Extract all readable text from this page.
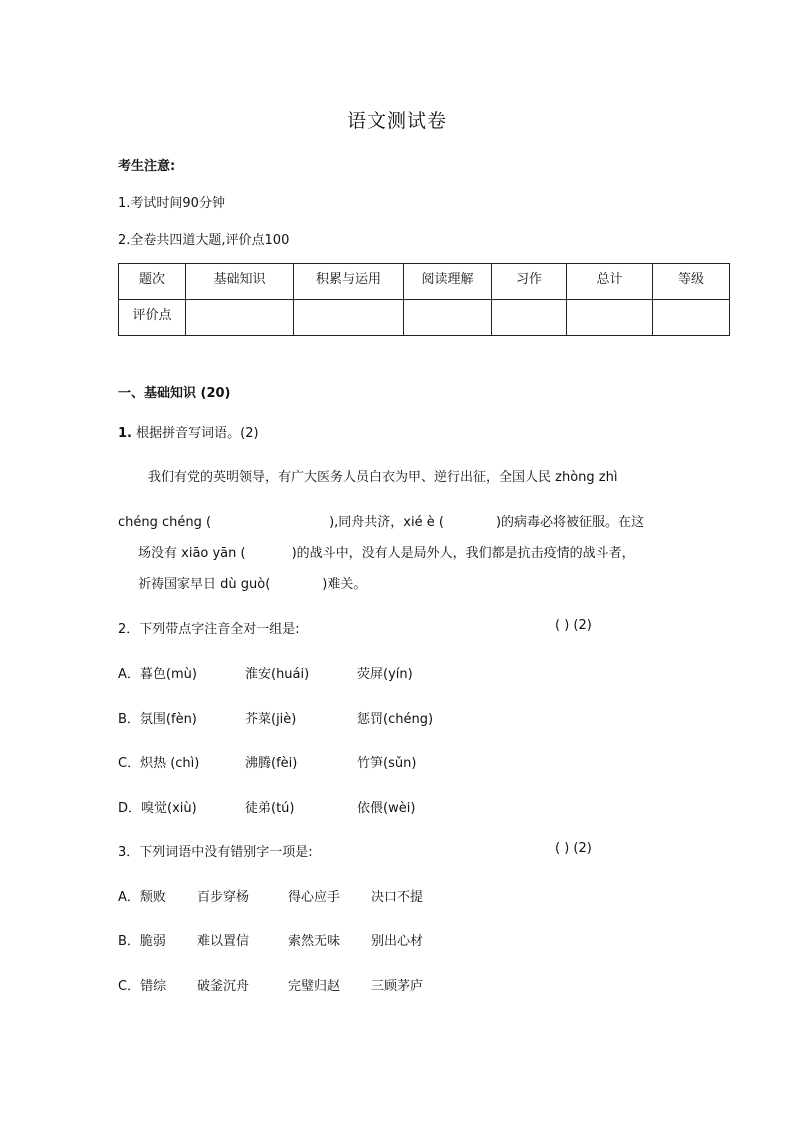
语文测试卷
考生注意:
1.考试时间90分钟
2.全卷共四道大题,评价点100
题次	基础知识	积累与运用	阅读理解	习作	总计	等级
评价点						
一、基础知识 (20)
1. 根据拼音写词语。(2)
我们有党的英明领导，有广大医务人员白衣为甲、逆行出征，全国人民 zhòng zhì
chéng chéng (	),同舟共济，xié è (	)的病毒必将被征服。在这
场没有 xiāo yān (	)的战斗中，没有人是局外人，我们都是抗击疫情的战斗者，
祈祷国家早日 dù guò(	)难关。
2．下列带点字注音全对一组是:	( ) (2)
A．暮色(mù)	淮安(huái)	荧屏(yín)
B．氛围(fèn)	芥菜(jiè)	惩罚(chéng)
C．炽热 (chì)	沸腾(fèi)	竹笋(sǔn)
D．嗅觉(xiù)	徒弟(tú)	依偎(wèi)
3．下列词语中没有错别字一项是:	( ) (2)
A．颓败 百步穿杨	得心应手 决口不提
B．脆弱 难以置信	索然无味 别出心材
C．错综 破釜沉舟	完璧归赵 三顾茅庐
